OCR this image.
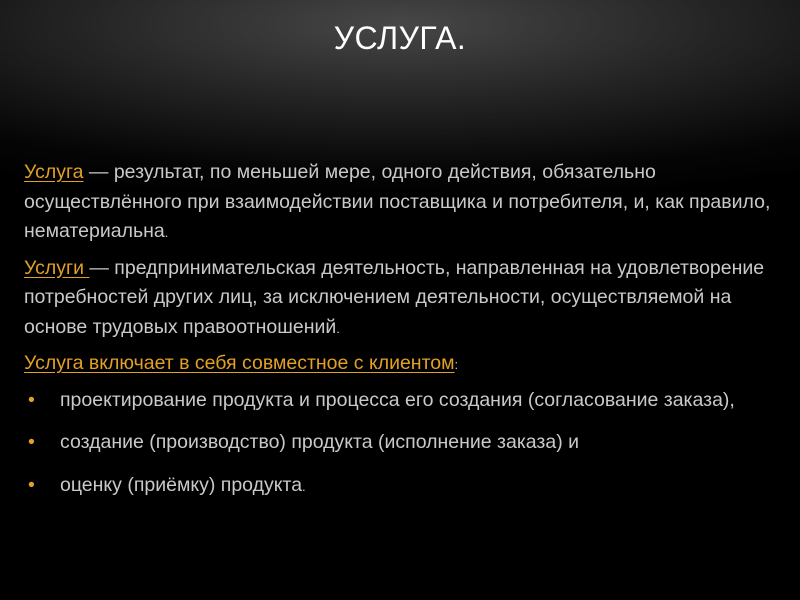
УСЛУГА.

Услуга — результат, по меньшей мере, одного действия, обязательно осуществлённого при взаимодействии поставщика и потребителя, и, как правило, нематериальна.

Услуги — предпринимательская деятельность, направленная на удовлетворение потребностей других лиц, за исключением деятельности, осуществляемой на основе трудовых правоотношений.

Услуга включает в себя совместное с клиентом:

• проектирование продукта и процесса его создания (согласование заказа),
• создание (производство) продукта (исполнение заказа) и
• оценку (приёмку) продукта.
